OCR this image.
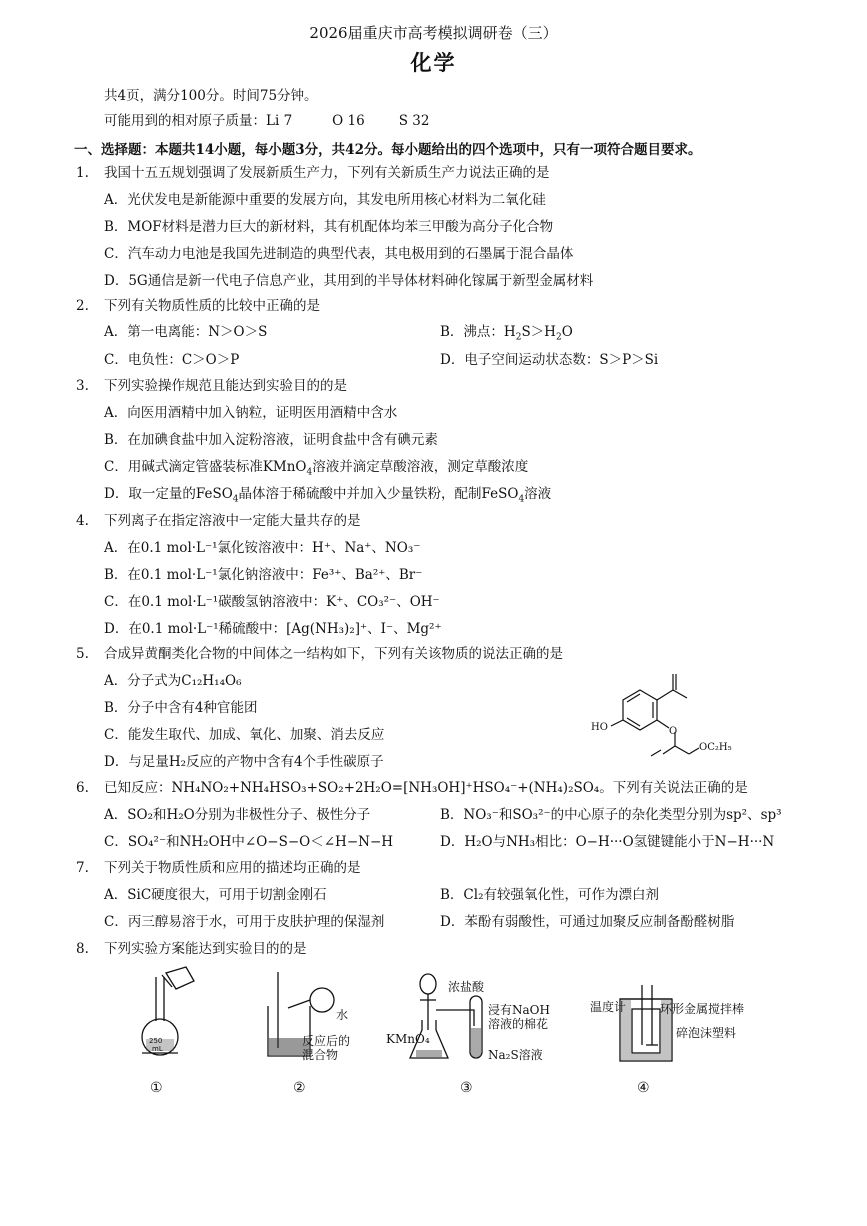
2026届重庆市高考模拟调研卷（三）
化学
共4页，满分100分。时间75分钟。
可能用到的相对原子质量：Li 7	O 16	S 32
一、选择题：本题共14小题，每小题3分，共42分。每小题给出的四个选项中，只有一项符合题目要求。
1. 我国十五五规划强调了发展新质生产力，下列有关新质生产力说法正确的是
A．光伏发电是新能源中重要的发展方向，其发电所用核心材料为二氧化硅
B．MOF材料是潜力巨大的新材料，其有机配体均苯三甲酸为高分子化合物
C．汽车动力电池是我国先进制造的典型代表，其电极用到的石墨属于混合晶体
D．5G通信是新一代电子信息产业，其用到的半导体材料砷化镓属于新型金属材料
2. 下列有关物质性质的比较中正确的是
A．第一电离能：N＞O＞S	B．沸点：$H_2S>H_2O$
C．电负性：C＞O＞P	D．电子空间运动状态数：S＞P＞Si
3. 下列实验操作规范且能达到实验目的的是
A．向医用酒精中加入钠粒，证明医用酒精中含水
B．在加碘食盐中加入淀粉溶液，证明食盐中含有碘元素
C．用碱式滴定管盛装标准KMnO$_4$溶液并滴定草酸溶液，测定草酸浓度
D．取一定量的FeSO$_4$晶体溶于稀硫酸中并加入少量铁粉，配制FeSO$_4$溶液
4. 下列离子在指定溶液中一定能大量共存的是
A．在0.1 mol·L⁻¹氯化铵溶液中：H⁺、Na⁺、NO₃⁻
B．在0.1 mol·L⁻¹氯化钠溶液中：Fe³⁺、Ba²⁺、Br⁻
C．在0.1 mol·L⁻¹碳酸氢钠溶液中：K⁺、CO₃²⁻、OH⁻
D．在0.1 mol·L⁻¹稀硫酸中：[Ag(NH₃)₂]⁺、I⁻、Mg²⁺
5. 合成异黄酮类化合物的中间体之一结构如下，下列有关该物质的说法正确的是
A．分子式为C₁₂H₁₄O₆
B．分子中含有4种官能团
C．能发生取代、加成、氧化、加聚、消去反应
D．与足量H₂反应的产物中含有4个手性碳原子
O
HO
OC₂H₅
6. 已知反应：NH₄NO₂+NH₄HSO₃+SO₂+2H₂O=[NH₃OH]⁺HSO₄⁻+(NH₄)₂SO₄。下列有关说法正确的是
A．SO₂和H₂O分别为非极性分子、极性分子	B．NO₃⁻和SO₃²⁻的中心原子的杂化类型分别为sp²、sp³
C．SO₄²⁻和NH₂OH中∠O−S−O＜∠H−N−H	D．H₂O与NH₃相比：O−H···O氢键键能小于N−H···N
7. 下列关于物质性质和应用的描述均正确的是
A．SiC硬度很大，可用于切割金刚石	B．Cl₂有较强氧化性，可作为漂白剂
C．丙三醇易溶于水，可用于皮肤护理的保湿剂	D．苯酚有弱酸性，可通过加聚反应制备酚醛树脂
8. 下列实验方案能达到实验目的的是
250
mL
水
反应后的
混合物
浓盐酸
浸有NaOH
溶液的棉花
KMnO₄
Na₂S溶液
温度计	环形金属搅拌棒
碎泡沫塑料
①	②	③	④
